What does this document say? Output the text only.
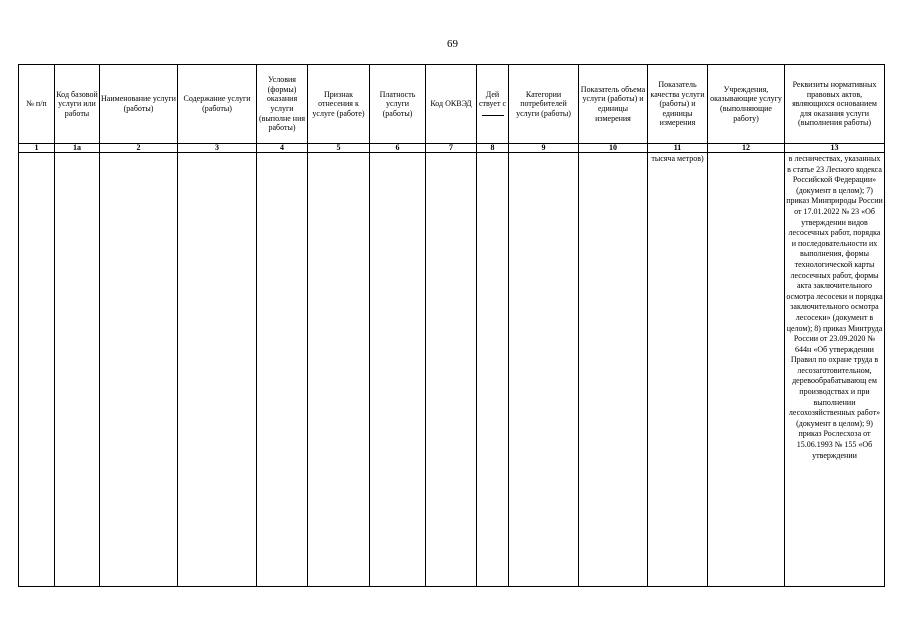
69
№ п/п	Код базовой услуги или работы	Наименование услуги (работы)	Содержание услуги (работы)	Условия (формы) оказания услуги (выполне ния работы)	Признак отнесения к услуге (работе)	Платность услуги (работы)	Код ОКВЭД	Дей ствует с	Категории потребителей услуги (работы)	Показатель объема услуги (работы) и единицы измерения	Показатель качества услуги (работы) и единицы измерения	Учреждения, оказывающие услугу (выполняющие работу)	Реквизиты нормативных правовых актов, являющихся основанием для оказания услуги (выполнения работы)
1	1а	2	3	4	5	6	7	8	9	10	11	12	13
											тысяча метров)		в лесничествах, указанных в статье 23 Лесного кодекса Российской Федерации» (документ в целом); 7) приказ Минприроды России от 17.01.2022 № 23 «Об утверждении видов лесосечных работ, порядка и последовательности их выполнения, формы технологической карты лесосечных работ, формы акта заключительного осмотра лесосеки и порядка заключительного осмотра лесосеки» (документ в целом); 8) приказ Минтруда России от 23.09.2020 № 644н «Об утверждении Правил по охране труда в лесозаготовительном, деревообрабатывающ ем производствах и при выполнении лесохозяйственных работ» (документ в целом); 9) приказ Рослесхоза от 15.06.1993 № 155 «Об утверждении
